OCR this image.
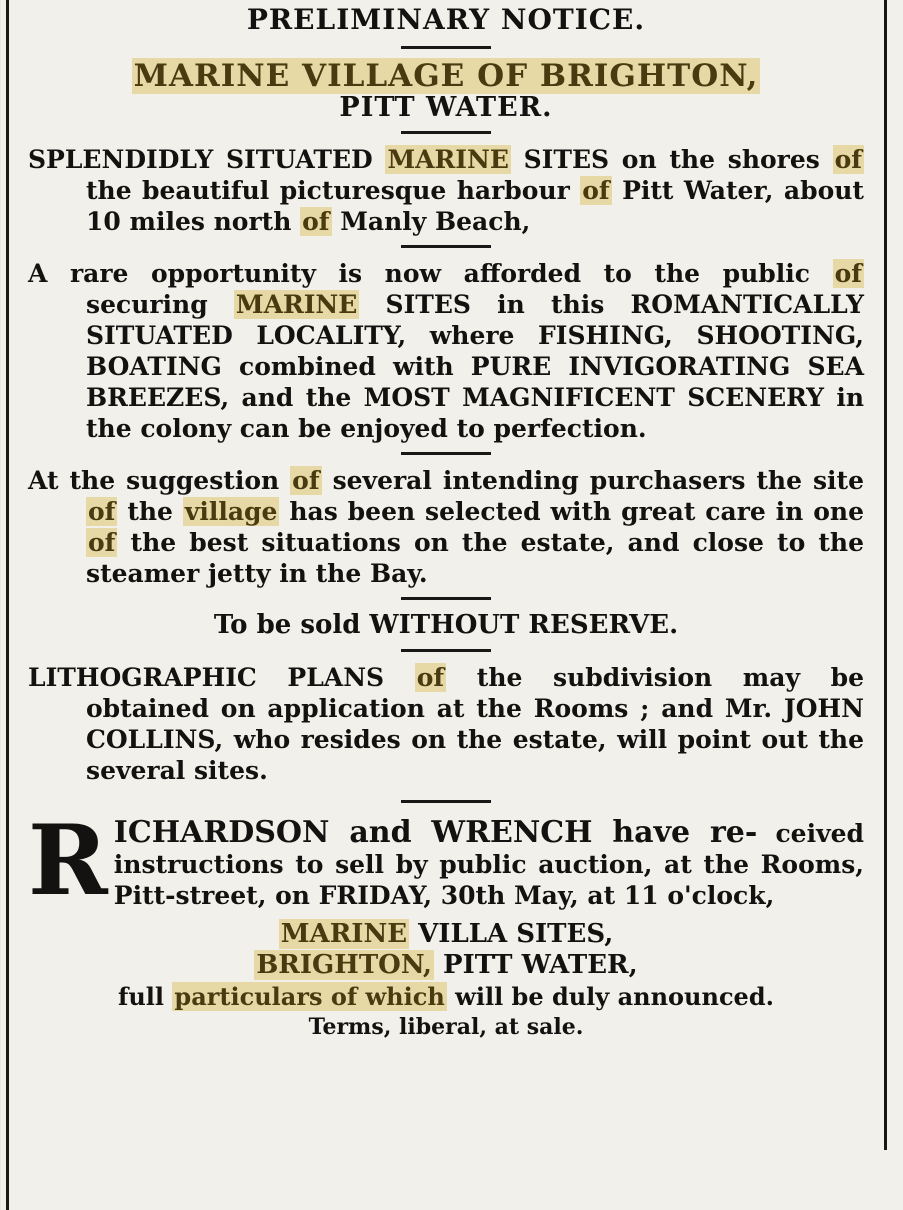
PRELIMINARY NOTICE.
MARINE VILLAGE OF BRIGHTON,
PITT WATER.
SPLENDIDLY SITUATED MARINE SITES on the shores of the beautiful picturesque harbour of Pitt Water, about 10 miles north of Manly Beach,
A rare opportunity is now afforded to the public of securing MARINE SITES in this ROMANTICALLY SITUATED LOCALITY, where FISHING, SHOOTING, BOATING combined with PURE INVIGORATING SEA BREEZES, and the MOST MAGNIFICENT SCENERY in the colony can be enjoyed to perfection.
At the suggestion of several intending purchasers the site of the village has been selected with great care in one of the best situations on the estate, and close to the steamer jetty in the Bay.
To be sold WITHOUT RESERVE.
LITHOGRAPHIC PLANS of the subdivision may be obtained on application at the Rooms ; and Mr. JOHN COLLINS, who resides on the estate, will point out the several sites.
R ICHARDSON and WRENCH have re- ceived instructions to sell by public auction, at the Rooms, Pitt-street, on FRIDAY, 30th May, at 11 o'clock,
MARINE VILLA SITES,
BRIGHTON, PITT WATER,
full particulars of which will be duly announced.
Terms, liberal, at sale.
